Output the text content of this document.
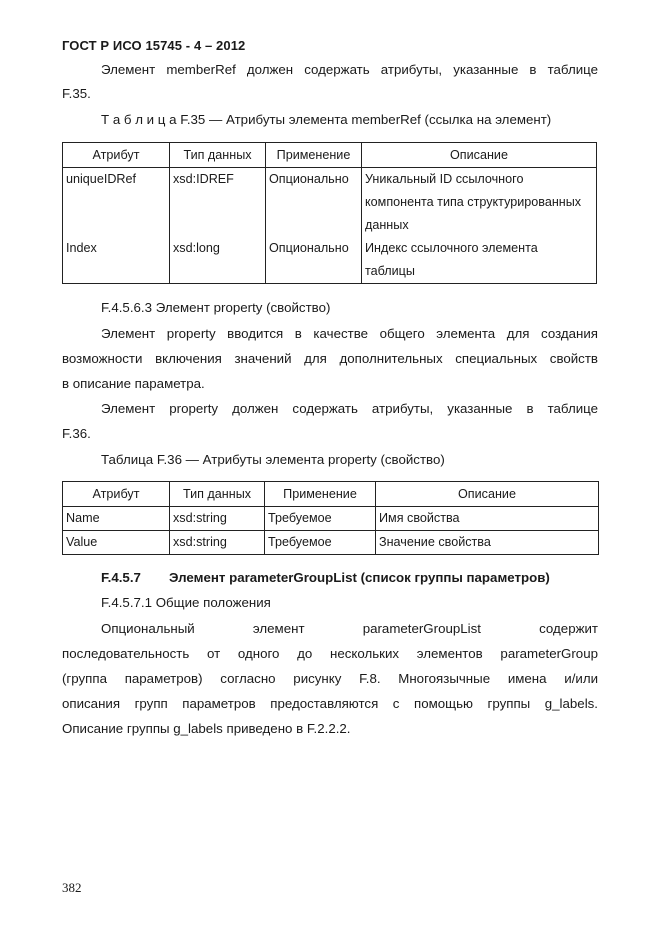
ГОСТ Р ИСО 15745 - 4 – 2012
Элемент memberRef должен содержать атрибуты, указанные в таблице
F.35.
Т а б л и ц а F.35 — Атрибуты элемента memberRef (ссылка на элемент)
Атрибут	Тип данных	Применение	Описание
uniqueIDRef	xsd:IDREF	Опционально	Уникальный ID ссылочного
компонента типа структурированных
данных

Index	xsd:long	Опционально	Индекс ссылочного элемента
таблицы
F.4.5.6.3 Элемент property (свойство)
Элемент property вводится в качестве общего элемента для создания
возможности включения значений для дополнительных специальных свойств
в описание параметра.
Элемент property должен содержать атрибуты, указанные в таблице
F.36.
Таблица F.36 — Атрибуты элемента property (свойство)
Атрибут	Тип данных	Применение	Описание
Name	xsd:string	Требуемое	Имя свойства
Value	xsd:string	Требуемое	Значение свойства
F.4.5.7 Элемент parameterGroupList (список группы параметров)
F.4.5.7.1 Общие положения
Опциональный элемент parameterGroupList содержит
последовательность от одного до нескольких элементов parameterGroup
(группа параметров) согласно рисунку F.8. Многоязычные имена и/или
описания групп параметров предоставляются с помощью группы g_labels.
Описание группы g_labels приведено в F.2.2.2.
382
